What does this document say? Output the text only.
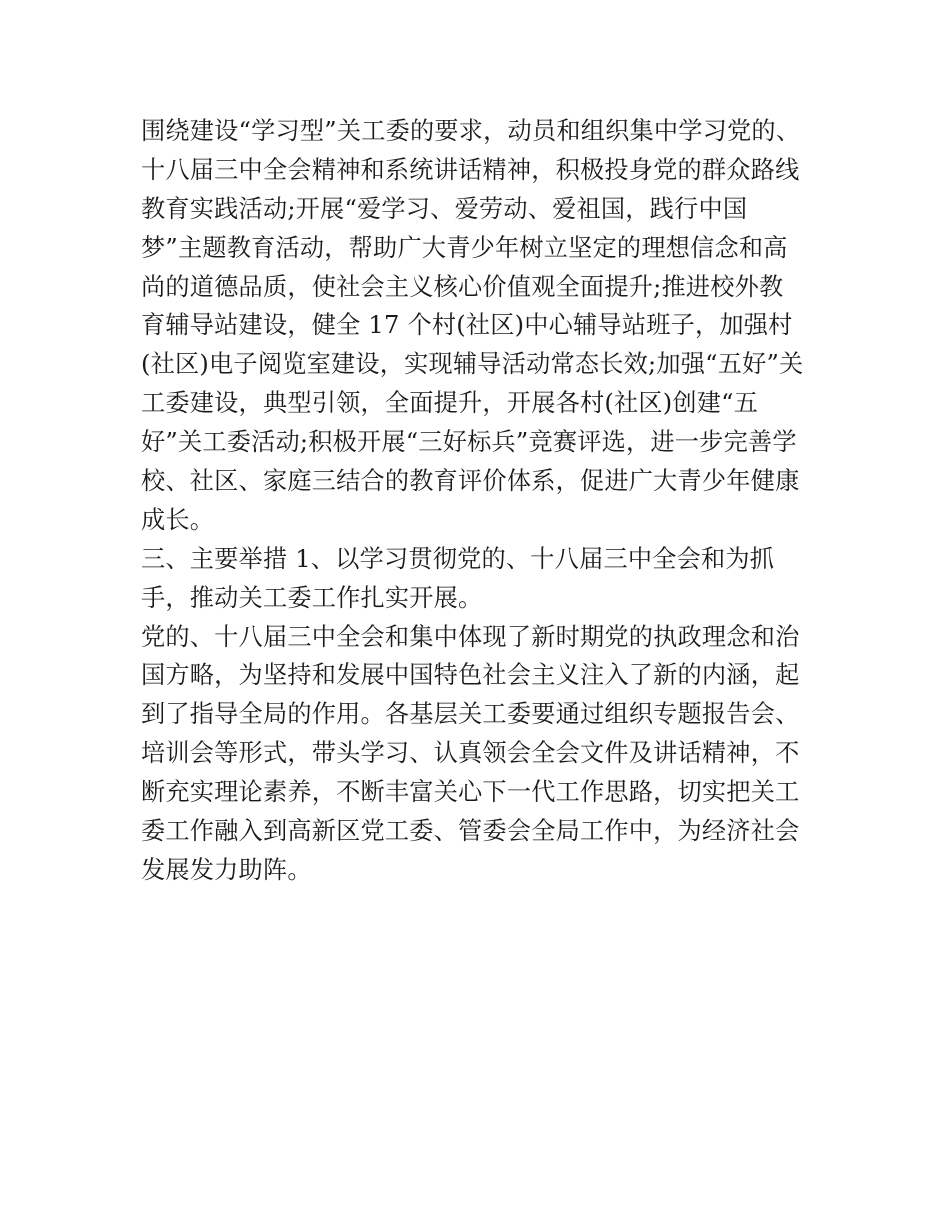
围绕建设“学习型”关工委的要求，动员和组织集中学习党的、

十八届三中全会精神和系统讲话精神，积极投身党的群众路线

教育实践活动;开展“爱学习、爱劳动、爱祖国，践行中国

梦”主题教育活动，帮助广大青少年树立坚定的理想信念和高

尚的道德品质，使社会主义核心价值观全面提升;推进校外教

育辅导站建设，健全 17 个村(社区)中心辅导站班子，加强村

(社区)电子阅览室建设，实现辅导活动常态长效;加强“五好”关

工委建设，典型引领，全面提升，开展各村(社区)创建“五

好”关工委活动;积极开展“三好标兵”竞赛评选，进一步完善学

校、社区、家庭三结合的教育评价体系，促进广大青少年健康

成长。

三、主要举措 1、以学习贯彻党的、十八届三中全会和为抓

手，推动关工委工作扎实开展。

党的、十八届三中全会和集中体现了新时期党的执政理念和治

国方略，为坚持和发展中国特色社会主义注入了新的内涵，起

到了指导全局的作用。各基层关工委要通过组织专题报告会、

培训会等形式，带头学习、认真领会全会文件及讲话精神，不

断充实理论素养，不断丰富关心下一代工作思路，切实把关工

委工作融入到高新区党工委、管委会全局工作中，为经济社会

发展发力助阵。
